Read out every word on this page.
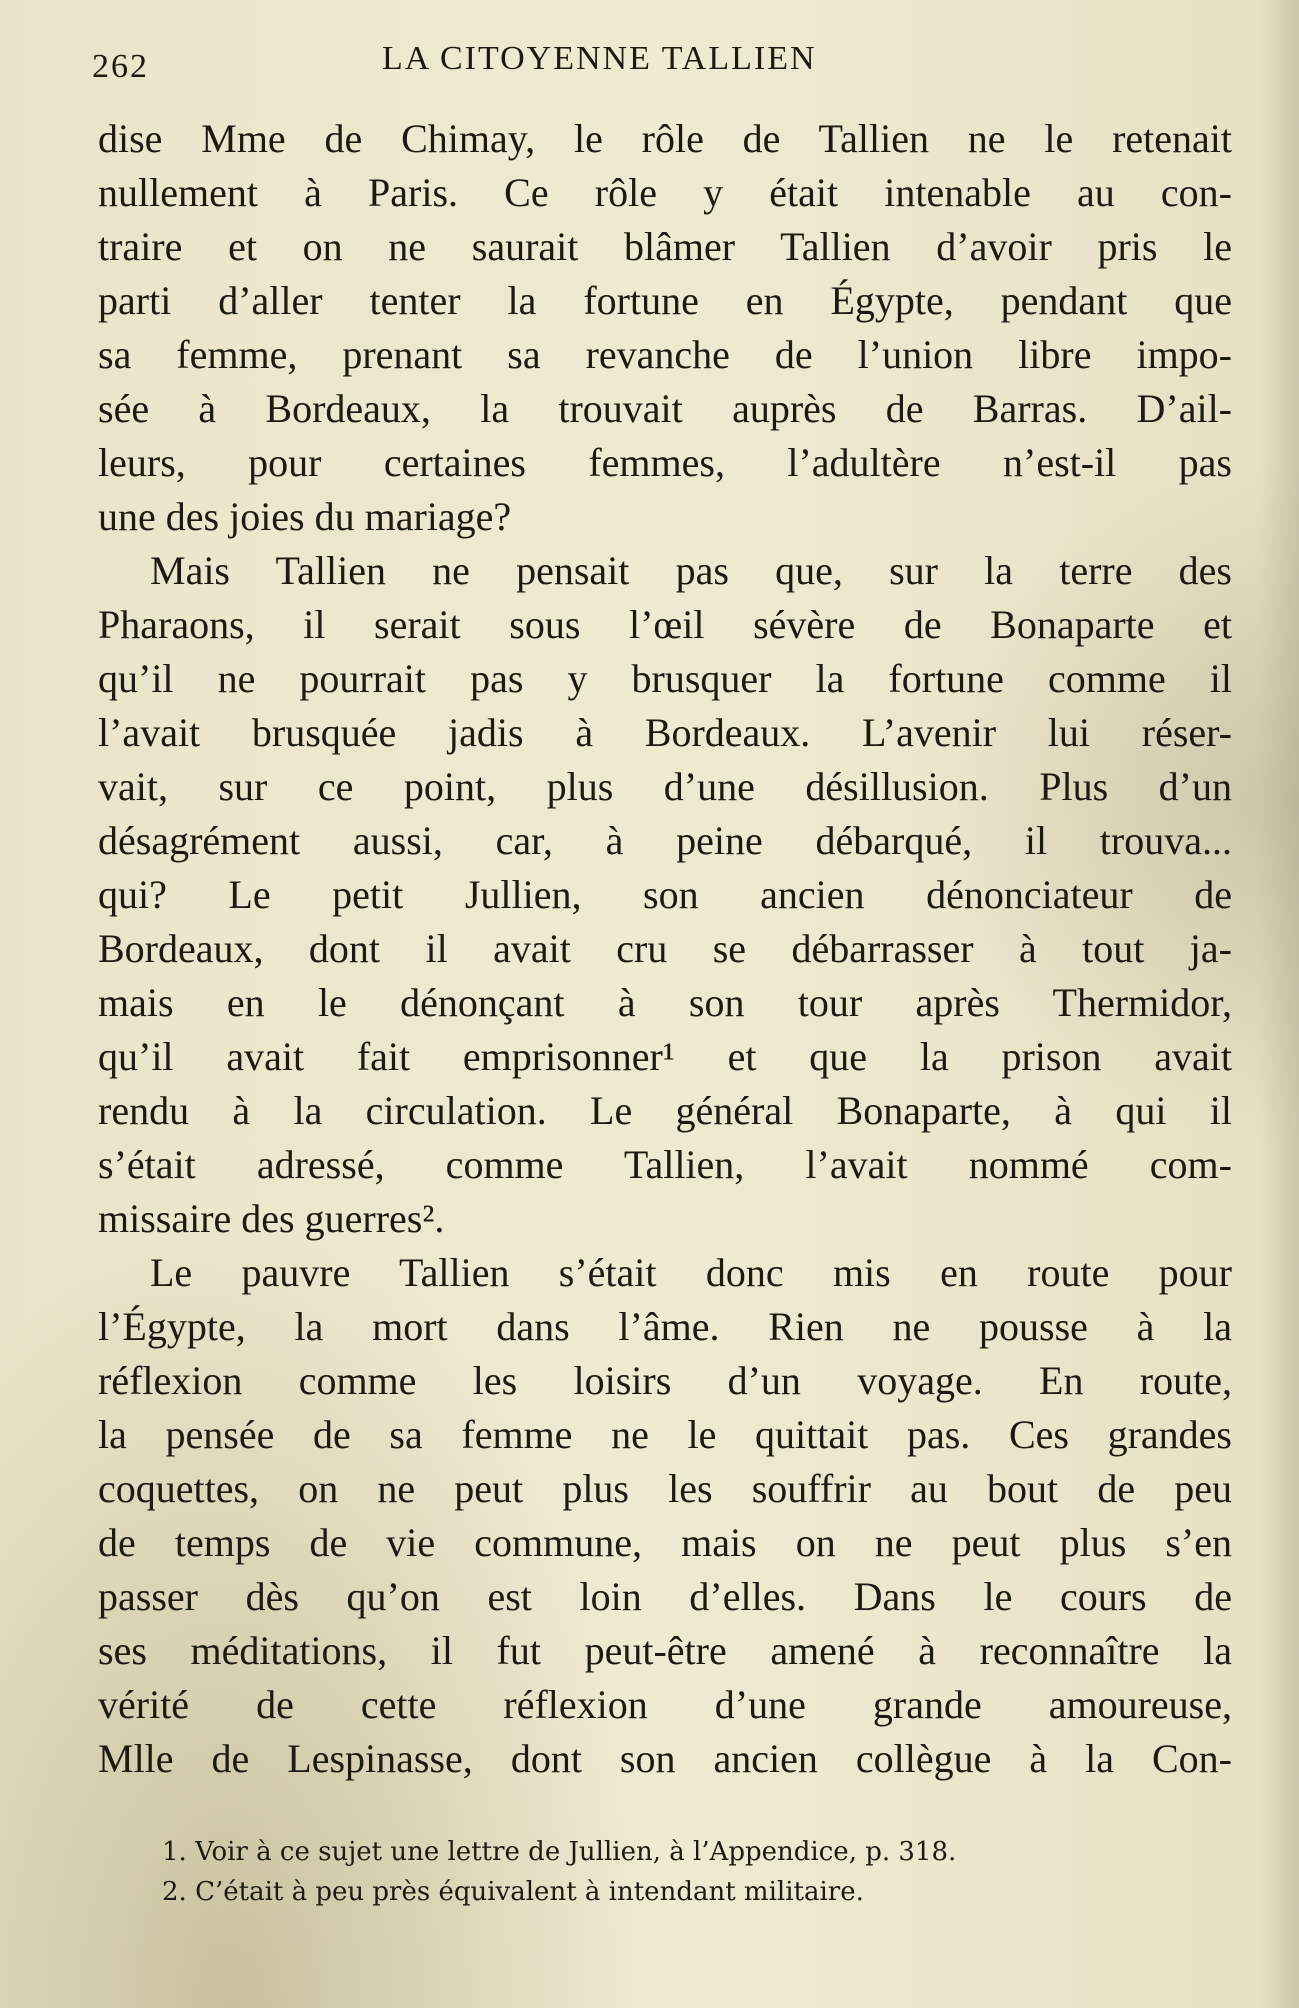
262	LA CITOYENNE TALLIEN
dise Mme de Chimay, le rôle de Tallien ne le retenait
nullement à Paris. Ce rôle y était intenable au con-
traire et on ne saurait blâmer Tallien d’avoir pris le
parti d’aller tenter la fortune en Égypte, pendant que
sa femme, prenant sa revanche de l’union libre impo-
sée à Bordeaux, la trouvait auprès de Barras. D’ail-
leurs, pour certaines femmes, l’adultère n’est-il pas
une des joies du mariage?
Mais Tallien ne pensait pas que, sur la terre des
Pharaons, il serait sous l’œil sévère de Bonaparte et
qu’il ne pourrait pas y brusquer la fortune comme il
l’avait brusquée jadis à Bordeaux. L’avenir lui réser-
vait, sur ce point, plus d’une désillusion. Plus d’un
désagrément aussi, car, à peine débarqué, il trouva...
qui? Le petit Jullien, son ancien dénonciateur de
Bordeaux, dont il avait cru se débarrasser à tout ja-
mais en le dénonçant à son tour après Thermidor,
qu’il avait fait emprisonner¹ et que la prison avait
rendu à la circulation. Le général Bonaparte, à qui il
s’était adressé, comme Tallien, l’avait nommé com-
missaire des guerres².
Le pauvre Tallien s’était donc mis en route pour
l’Égypte, la mort dans l’âme. Rien ne pousse à la
réflexion comme les loisirs d’un voyage. En route,
la pensée de sa femme ne le quittait pas. Ces grandes
coquettes, on ne peut plus les souffrir au bout de peu
de temps de vie commune, mais on ne peut plus s’en
passer dès qu’on est loin d’elles. Dans le cours de
ses méditations, il fut peut-être amené à reconnaître la
vérité de cette réflexion d’une grande amoureuse,
Mlle de Lespinasse, dont son ancien collègue à la Con-
1. Voir à ce sujet une lettre de Jullien, à l’Appendice, p. 318.
2. C’était à peu près équivalent à intendant militaire.
